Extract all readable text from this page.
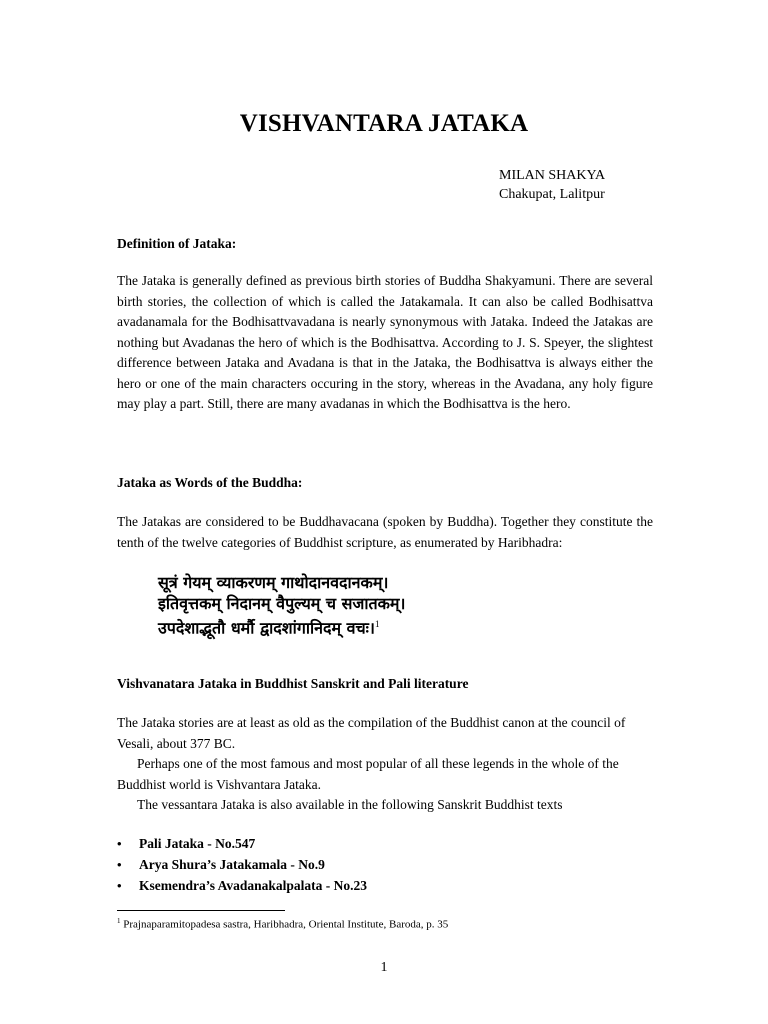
VISHVANTARA JATAKA
MILAN SHAKYA
Chakupat, Lalitpur
Definition of Jataka:
The Jataka is generally defined as previous birth stories of Buddha Shakyamuni. There are several birth stories, the collection of which is called the Jatakamala. It can also be called Bodhisattva avadanamala for the Bodhisattvavadana is nearly synonymous with Jataka. Indeed the Jatakas are nothing but Avadanas the hero of which is the Bodhisattva. According to J. S. Speyer, the slightest difference between Jataka and Avadana is that in the Jataka, the Bodhisattva is always either the hero or one of the main characters occuring in the story, whereas in the Avadana, any holy figure may play a part. Still, there are many avadanas in which the Bodhisattva is the hero.
Jataka as Words of the Buddha:
The Jatakas are considered to be Buddhavacana (spoken by Buddha). Together they constitute the tenth of the twelve categories of Buddhist scripture, as enumerated by Haribhadra:
सूत्रं गेयम् व्याकरणम् गाथोदानवदानकम्।
इतिवृत्तकम् निदानम् वैपुल्यम् च सजातकम्।
उपदेशाद्भूतौ धर्मौ द्वादशांगानिदम् वचः।$^1$
Vishvanatara Jataka in Buddhist Sanskrit and Pali literature
The Jataka stories are at least as old as the compilation of the Buddhist canon at the council of Vesali, about 377 BC.
Perhaps one of the most famous and most popular of all these legends in the whole of the Buddhist world is Vishvantara Jataka.
The vessantara Jataka is also available in the following Sanskrit Buddhist texts
• Pali Jataka - No.547
• Arya Shura’s Jatakamala - No.9
• Ksemendra’s Avadanakalpalata - No.23
$^1$ Prajnaparamitopadesa sastra, Haribhadra, Oriental Institute, Baroda, p. 35
1
